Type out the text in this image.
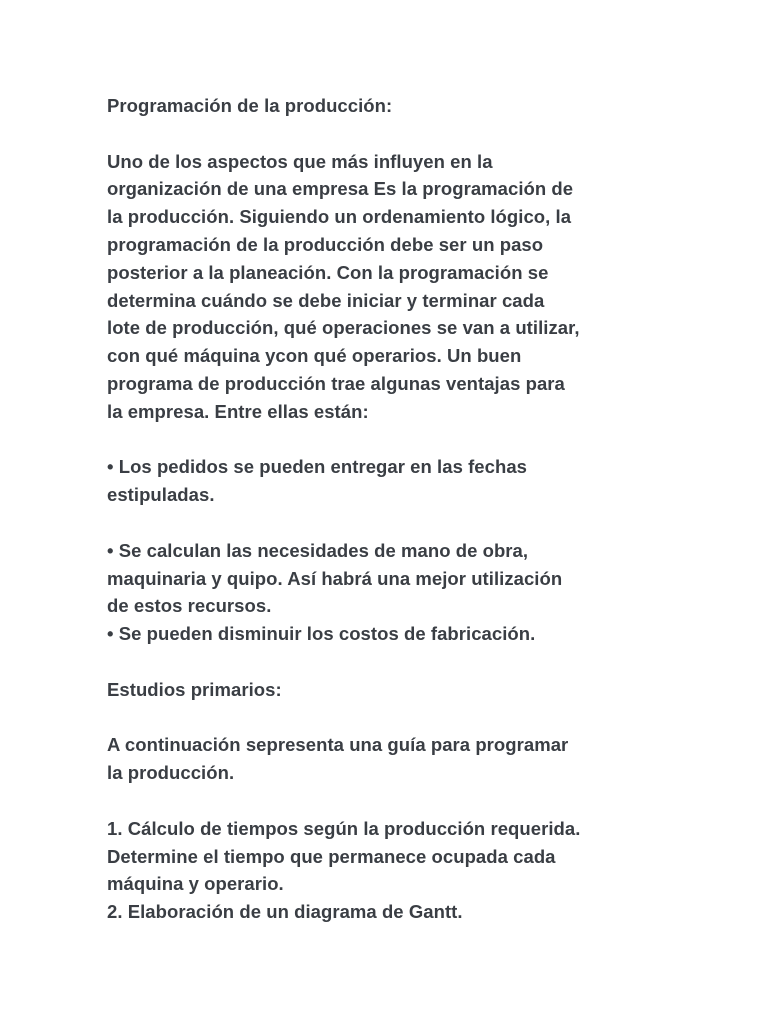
Programación de la producción:

Uno de los aspectos que más influyen en la

organización de una empresa Es la programación de

la producción. Siguiendo un ordenamiento lógico, la

programación de la producción debe ser un paso

posterior a la planeación. Con la programación se

determina cuándo se debe iniciar y terminar cada

lote de producción, qué operaciones se van a utilizar,

con qué máquina ycon qué operarios. Un buen

programa de producción trae algunas ventajas para

la empresa. Entre ellas están:

• Los pedidos se pueden entregar en las fechas

estipuladas.

• Se calculan las necesidades de mano de obra,

maquinaria y quipo. Así habrá una mejor utilización

de estos recursos.

• Se pueden disminuir los costos de fabricación.

Estudios primarios:

A continuación sepresenta una guía para programar

la producción.

1. Cálculo de tiempos según la producción requerida.

Determine el tiempo que permanece ocupada cada

máquina y operario.

2. Elaboración de un diagrama de Gantt.
